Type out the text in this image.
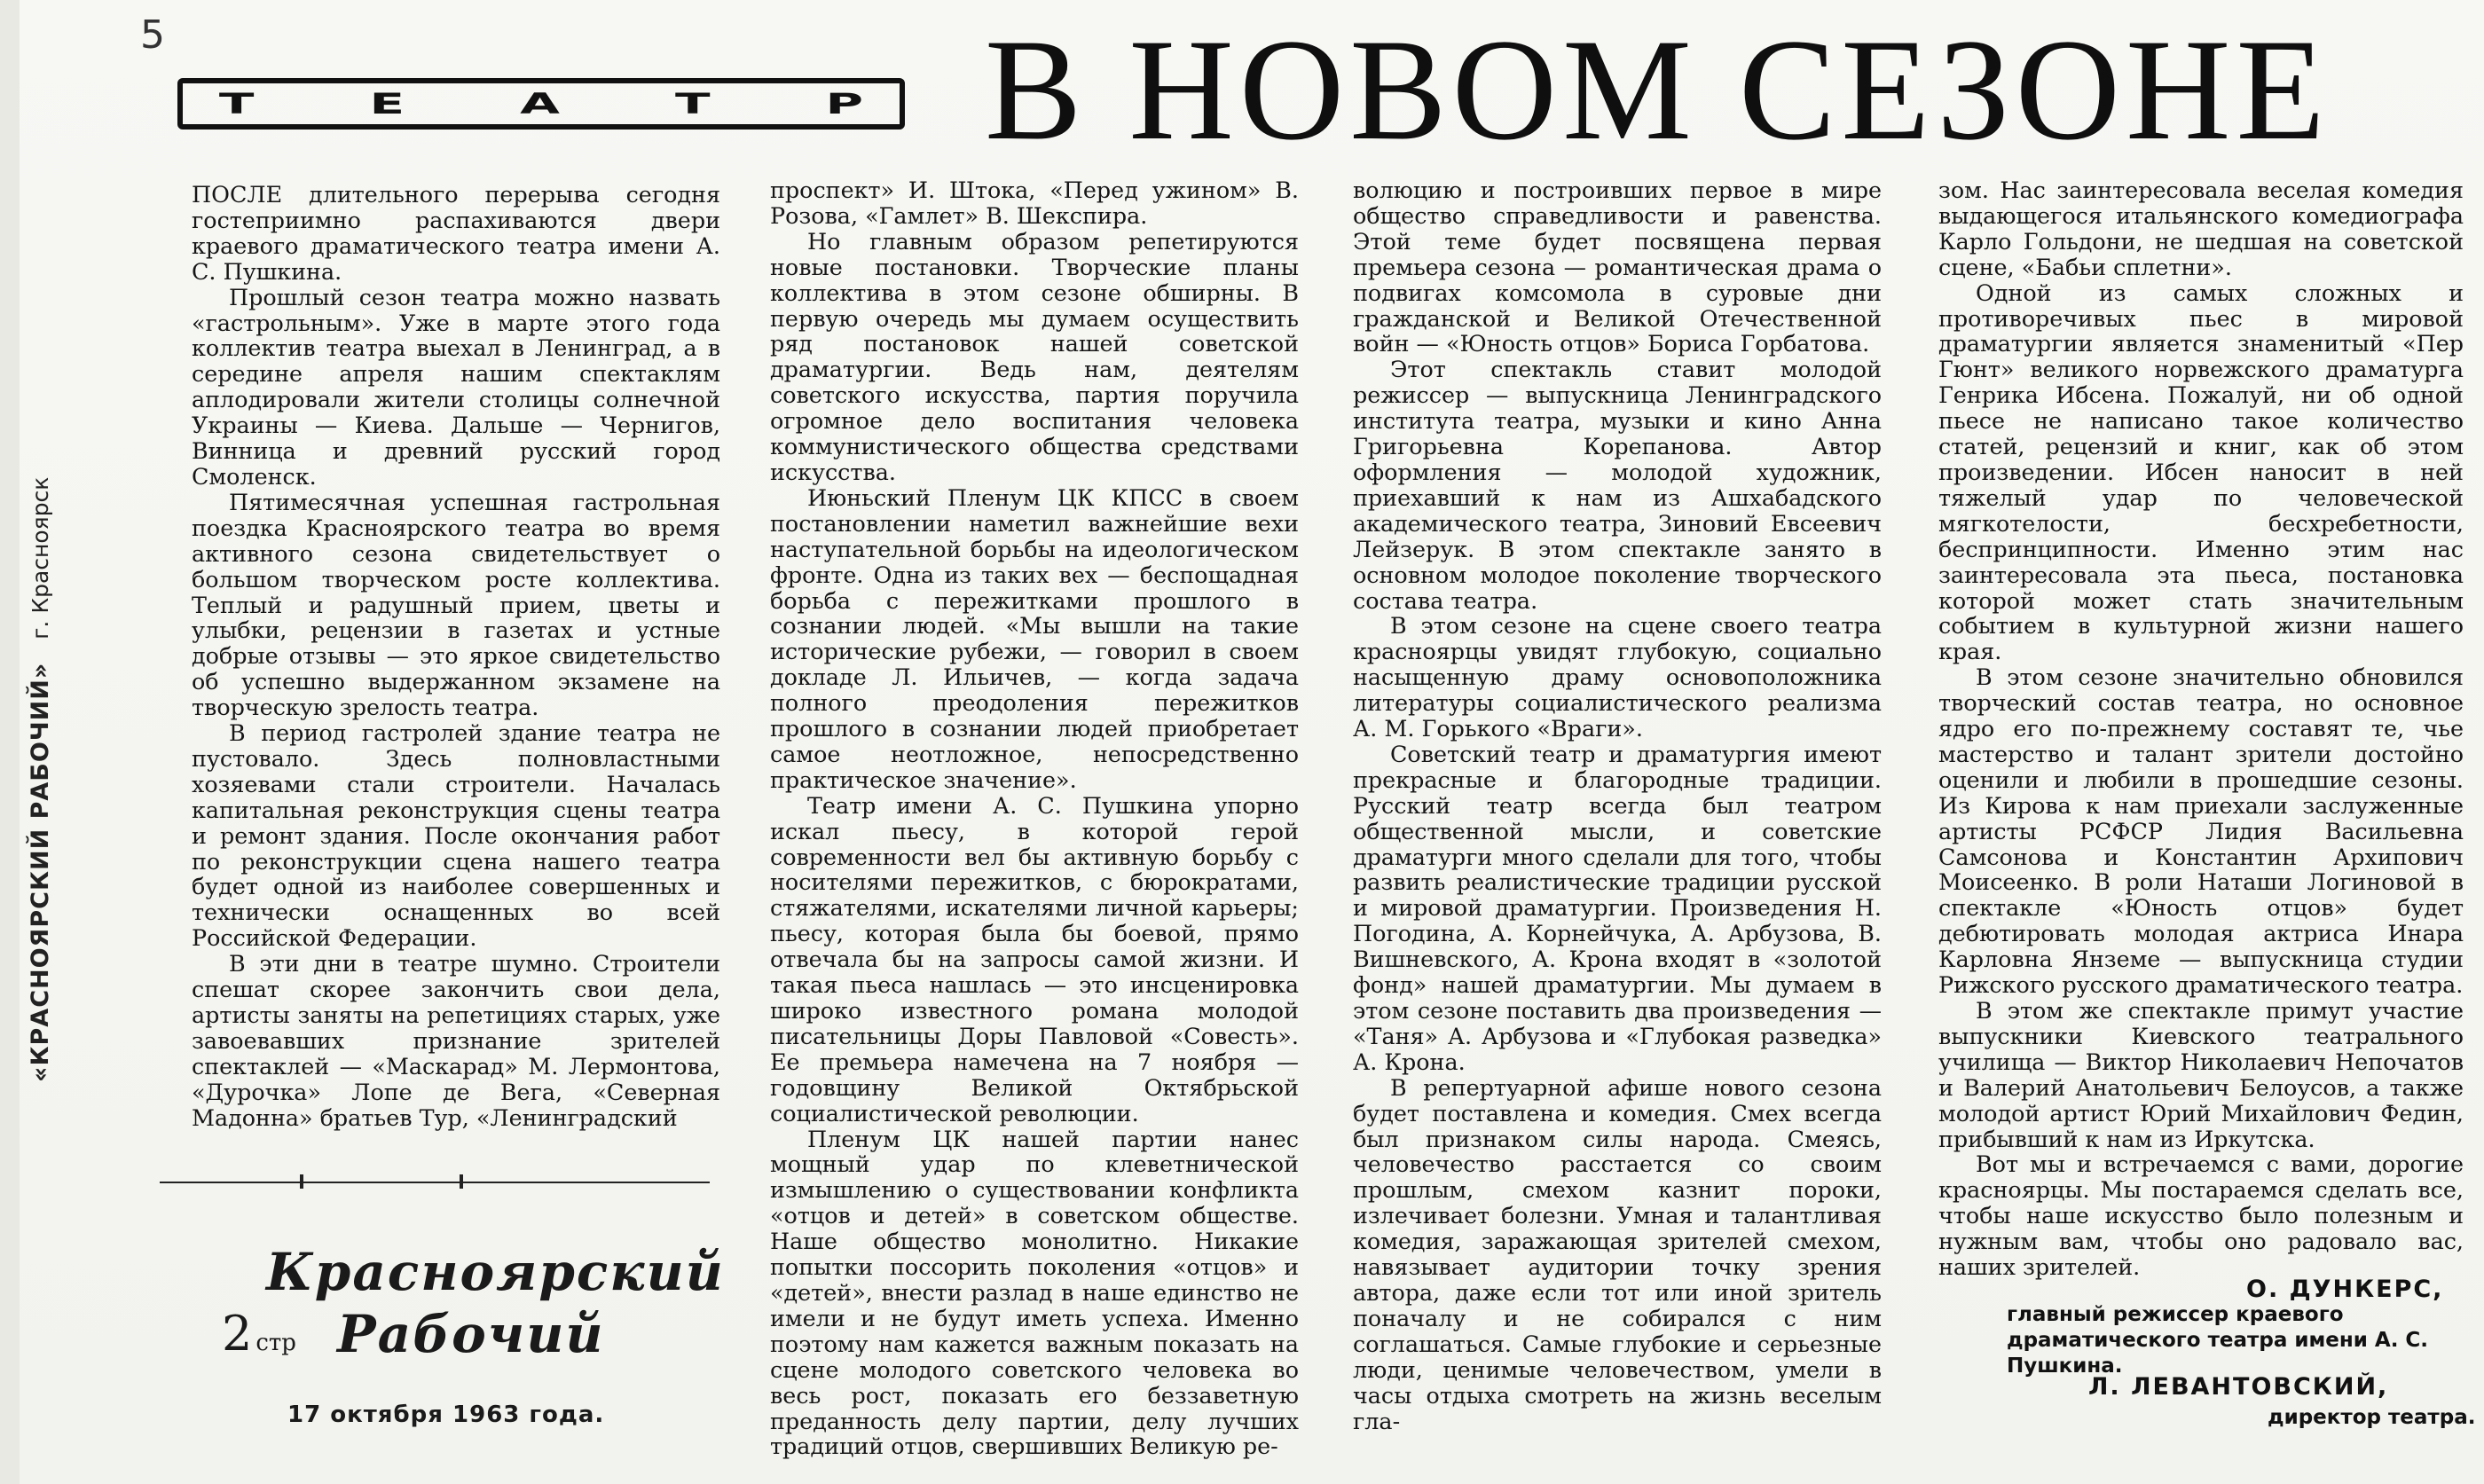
5
«КРАСНОЯРСКИЙ РАБОЧИЙ»г. Красноярск
ТЕАТР В НОВОМ СЕЗОНЕ

ПОСЛЕ длительного перерыва сегодня гостеприимно распахиваются двери краевого драматического театра имени А. С. Пушкина.

Прошлый сезон театра можно назвать «гастрольным». Уже в марте этого года коллектив театра выехал в Ленинград, а в середине апреля нашим спектаклям аплодировали жители столицы солнечной Украины — Киева. Дальше — Чернигов, Винница и древний русский город Смоленск.

Пятимесячная успешная гастрольная поездка Красноярского театра во время активного сезона свидетельствует о большом творческом росте коллектива. Теплый и радушный прием, цветы и улыбки, рецензии в газетах и устные добрые отзывы — это яркое свидетельство об успешно выдержанном экзамене на творческую зрелость театра.

В период гастролей здание театра не пустовало. Здесь полновластными хозяевами стали строители. Началась капитальная реконструкция сцены театра и ремонт здания. После окончания работ по реконструкции сцена нашего театра будет одной из наиболее совершенных и технически оснащенных во всей Российской Федерации.

В эти дни в театре шумно. Строители спешат скорее закончить свои дела, артисты заняты на репетициях старых, уже завоевавших признание зрителей спектаклей — «Маскарад» М. Лермонтова, «Дурочка» Лопе де Вега, «Северная Мадонна» братьев Тур, «Ленинградский

проспект» И. Штока, «Перед ужином» В. Розова, «Гамлет» В. Шекспира.

Но главным образом репетируются новые постановки. Творческие планы коллектива в этом сезоне обширны. В первую очередь мы думаем осуществить ряд постановок нашей советской драматургии. Ведь нам, деятелям советского искусства, партия поручила огромное дело воспитания человека коммунистического общества средствами искусства.

Июньский Пленум ЦК КПСС в своем постановлении наметил важнейшие вехи наступательной борьбы на идеологическом фронте. Одна из таких вех — беспощадная борьба с пережитками прошлого в сознании людей. «Мы вышли на такие исторические рубежи, — говорил в своем докладе Л. Ильичев, — когда задача полного преодоления пережитков прошлого в сознании людей приобретает самое неотложное, непосредственно практическое значение».

Театр имени А. С. Пушкина упорно искал пьесу, в которой герой современности вел бы активную борьбу с носителями пережитков, с бюрократами, стяжателями, искателями личной карьеры; пьесу, которая была бы боевой, прямо отвечала бы на запросы самой жизни. И такая пьеса нашлась — это инсценировка широко известного романа молодой писательницы Доры Павловой «Совесть». Ее премьера намечена на 7 ноября — годовщину Великой Октябрьской социалистической революции.

Пленум ЦК нашей партии нанес мощный удар по клеветнической измышлению о существовании конфликта «отцов и детей» в советском обществе. Наше общество монолитно. Никакие попытки поссорить поколения «отцов» и «детей», внести разлад в наше единство не имели и не будут иметь успеха. Именно поэтому нам кажется важным показать на сцене молодого советского человека во весь рост, показать его беззаветную преданность делу партии, делу лучших традиций отцов, свершивших Великую ре-

волюцию и построивших первое в мире общество справедливости и равенства. Этой теме будет посвящена первая премьера сезона — романтическая драма о подвигах комсомола в суровые дни гражданской и Великой Отечественной войн — «Юность отцов» Бориса Горбатова.

Этот спектакль ставит молодой режиссер — выпускница Ленинградского института театра, музыки и кино Анна Григорьевна Корепанова. Автор оформления — молодой художник, приехавший к нам из Ашхабадского академического театра, Зиновий Евсеевич Лейзерук. В этом спектакле занято в основном молодое поколение творческого состава театра.

В этом сезоне на сцене своего театра красноярцы увидят глубокую, социально насыщенную драму основоположника литературы социалистического реализма А. М. Горького «Враги».

Советский театр и драматургия имеют прекрасные и благородные традиции. Русский театр всегда был театром общественной мысли, и советские драматурги много сделали для того, чтобы развить реалистические традиции русской и мировой драматургии. Произведения Н. Погодина, А. Корнейчука, А. Арбузова, В. Вишневского, А. Крона входят в «золотой фонд» нашей драматургии. Мы думаем в этом сезоне поставить два произведения — «Таня» А. Арбузова и «Глубокая разведка» А. Крона.

В репертуарной афише нового сезона будет поставлена и комедия. Смех всегда был признаком силы народа. Смеясь, человечество расстается со своим прошлым, смехом казнит пороки, излечивает болезни. Умная и талантливая комедия, заражающая зрителей смехом, навязывает аудитории точку зрения автора, даже если тот или иной зритель поначалу и не собирался с ним соглашаться. Самые глубокие и серьезные люди, ценимые человечеством, умели в часы отдыха смотреть на жизнь веселым гла-

зом. Нас заинтересовала веселая комедия выдающегося итальянского комедиографа Карло Гольдони, не шедшая на советской сцене, «Бабьи сплетни».

Одной из самых сложных и противоречивых пьес в мировой драматургии является знаменитый «Пер Гюнт» великого норвежского драматурга Генрика Ибсена. Пожалуй, ни об одной пьесе не написано такое количество статей, рецензий и книг, как об этом произведении. Ибсен наносит в ней тяжелый удар по человеческой мягкотелости, бесхребетности, беспринципности. Именно этим нас заинтересовала эта пьеса, постановка которой может стать значительным событием в культурной жизни нашего края.

В этом сезоне значительно обновился творческий состав театра, но основное ядро его по-прежнему составят те, чье мастерство и талант зрители достойно оценили и любили в прошедшие сезоны. Из Кирова к нам приехали заслуженные артисты РСФСР Лидия Васильевна Самсонова и Константин Архипович Моисеенко. В роли Наташи Логиновой в спектакле «Юность отцов» будет дебютировать молодая актриса Инара Карловна Янземе — выпускница студии Рижского русского драматического театра.

В этом же спектакле примут участие выпускники Киевского театрального училища — Виктор Николаевич Непочатов и Валерий Анатольевич Белоусов, а также молодой артист Юрий Михайлович Федин, прибывший к нам из Иркутска.

Вот мы и встречаемся с вами, дорогие красноярцы. Мы постараемся сделать все, чтобы наше искусство было полезным и нужным вам, чтобы оно радовало вас, наших зрителей.

Красноярский
2 стр Рабочий
17 октября 1963 года.
О. ДУНКЕРС,
главный режиссер краевого драматического театра имени А. С. Пушкина.
Л. ЛЕВАНТОВСКИЙ,
директор театра.
